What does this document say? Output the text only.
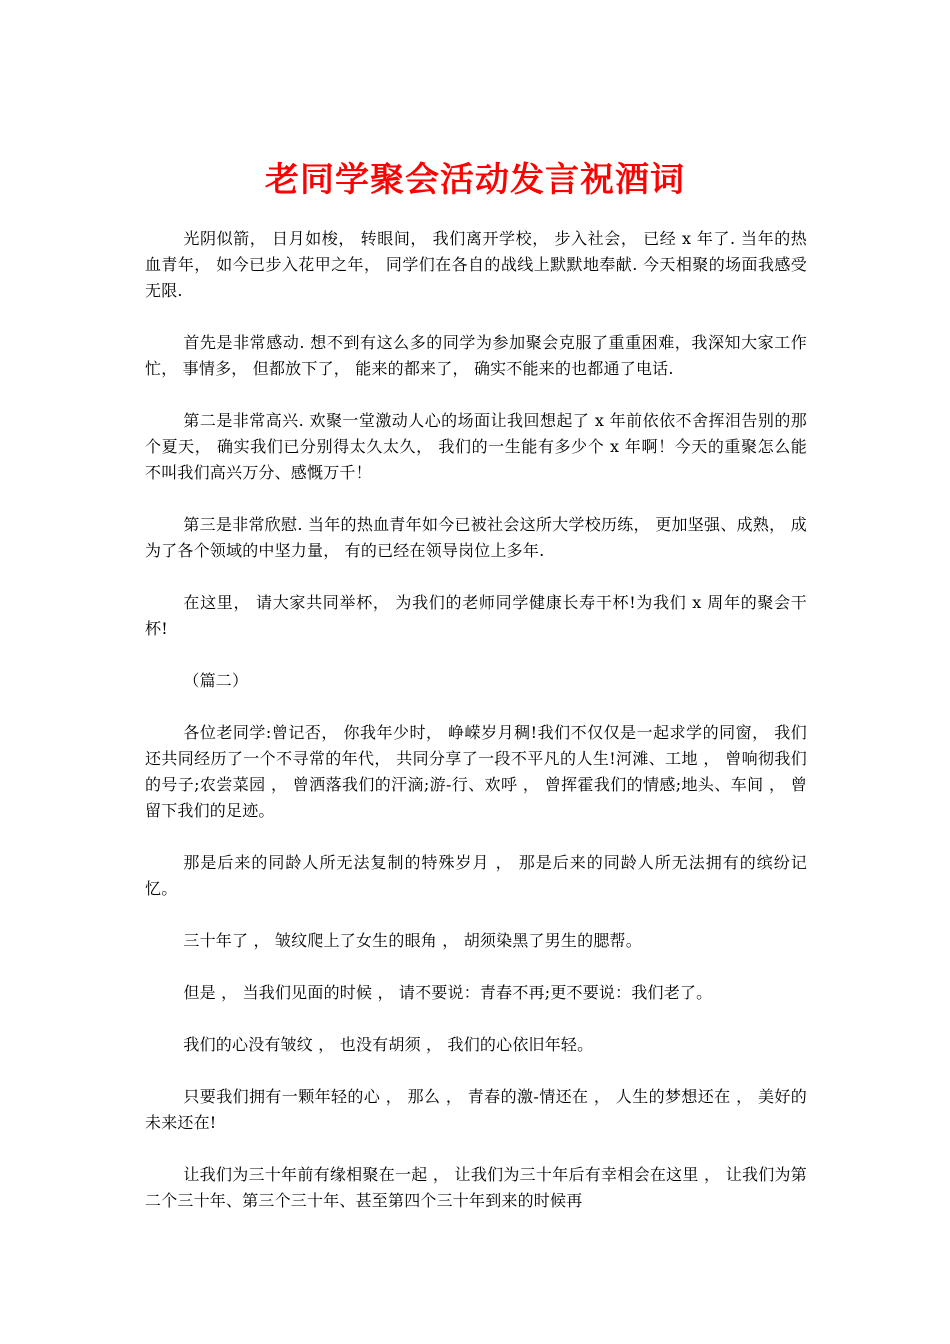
老同学聚会活动发言祝酒词

光阴似箭， 日月如梭， 转眼间， 我们离开学校， 步入社会， 已经 x 年了. 当年的热血青年， 如今已步入花甲之年， 同学们在各自的战线上默默地奉献. 今天相聚的场面我感受无限.

首先是非常感动. 想不到有这么多的同学为参加聚会克服了重重困难，我深知大家工作忙， 事情多， 但都放下了， 能来的都来了， 确实不能来的也都通了电话.

第二是非常高兴. 欢聚一堂激动人心的场面让我回想起了 x 年前依依不舍挥泪告别的那个夏天， 确实我们已分别得太久太久， 我们的一生能有多少个 x 年啊！今天的重聚怎么能不叫我们高兴万分、感慨万千！

第三是非常欣慰. 当年的热血青年如今已被社会这所大学校历练， 更加坚强、成熟， 成为了各个领域的中坚力量， 有的已经在领导岗位上多年.

在这里， 请大家共同举杯， 为我们的老师同学健康长寿干杯!为我们 x 周年的聚会干杯!

（篇二）

各位老同学:曾记否， 你我年少时， 峥嵘岁月稠!我们不仅仅是一起求学的同窗， 我们还共同经历了一个不寻常的年代， 共同分享了一段不平凡的人生!河滩、工地 ， 曾响彻我们的号子;农尝菜园 ， 曾洒落我们的汗滴;游-行、欢呼 ， 曾挥霍我们的情感;地头、车间 ， 曾留下我们的足迹。

那是后来的同龄人所无法复制的特殊岁月 ， 那是后来的同龄人所无法拥有的缤纷记忆。

三十年了 ， 皱纹爬上了女生的眼角 ， 胡须染黑了男生的腮帮。

但是 ， 当我们见面的时候 ， 请不要说：青春不再;更不要说：我们老了。

我们的心没有皱纹 ， 也没有胡须 ， 我们的心依旧年轻。

只要我们拥有一颗年轻的心 ， 那么 ， 青春的激-情还在 ， 人生的梦想还在 ， 美好的未来还在!

让我们为三十年前有缘相聚在一起 ， 让我们为三十年后有幸相会在这里 ， 让我们为第二个三十年、第三个三十年、甚至第四个三十年到来的时候再
